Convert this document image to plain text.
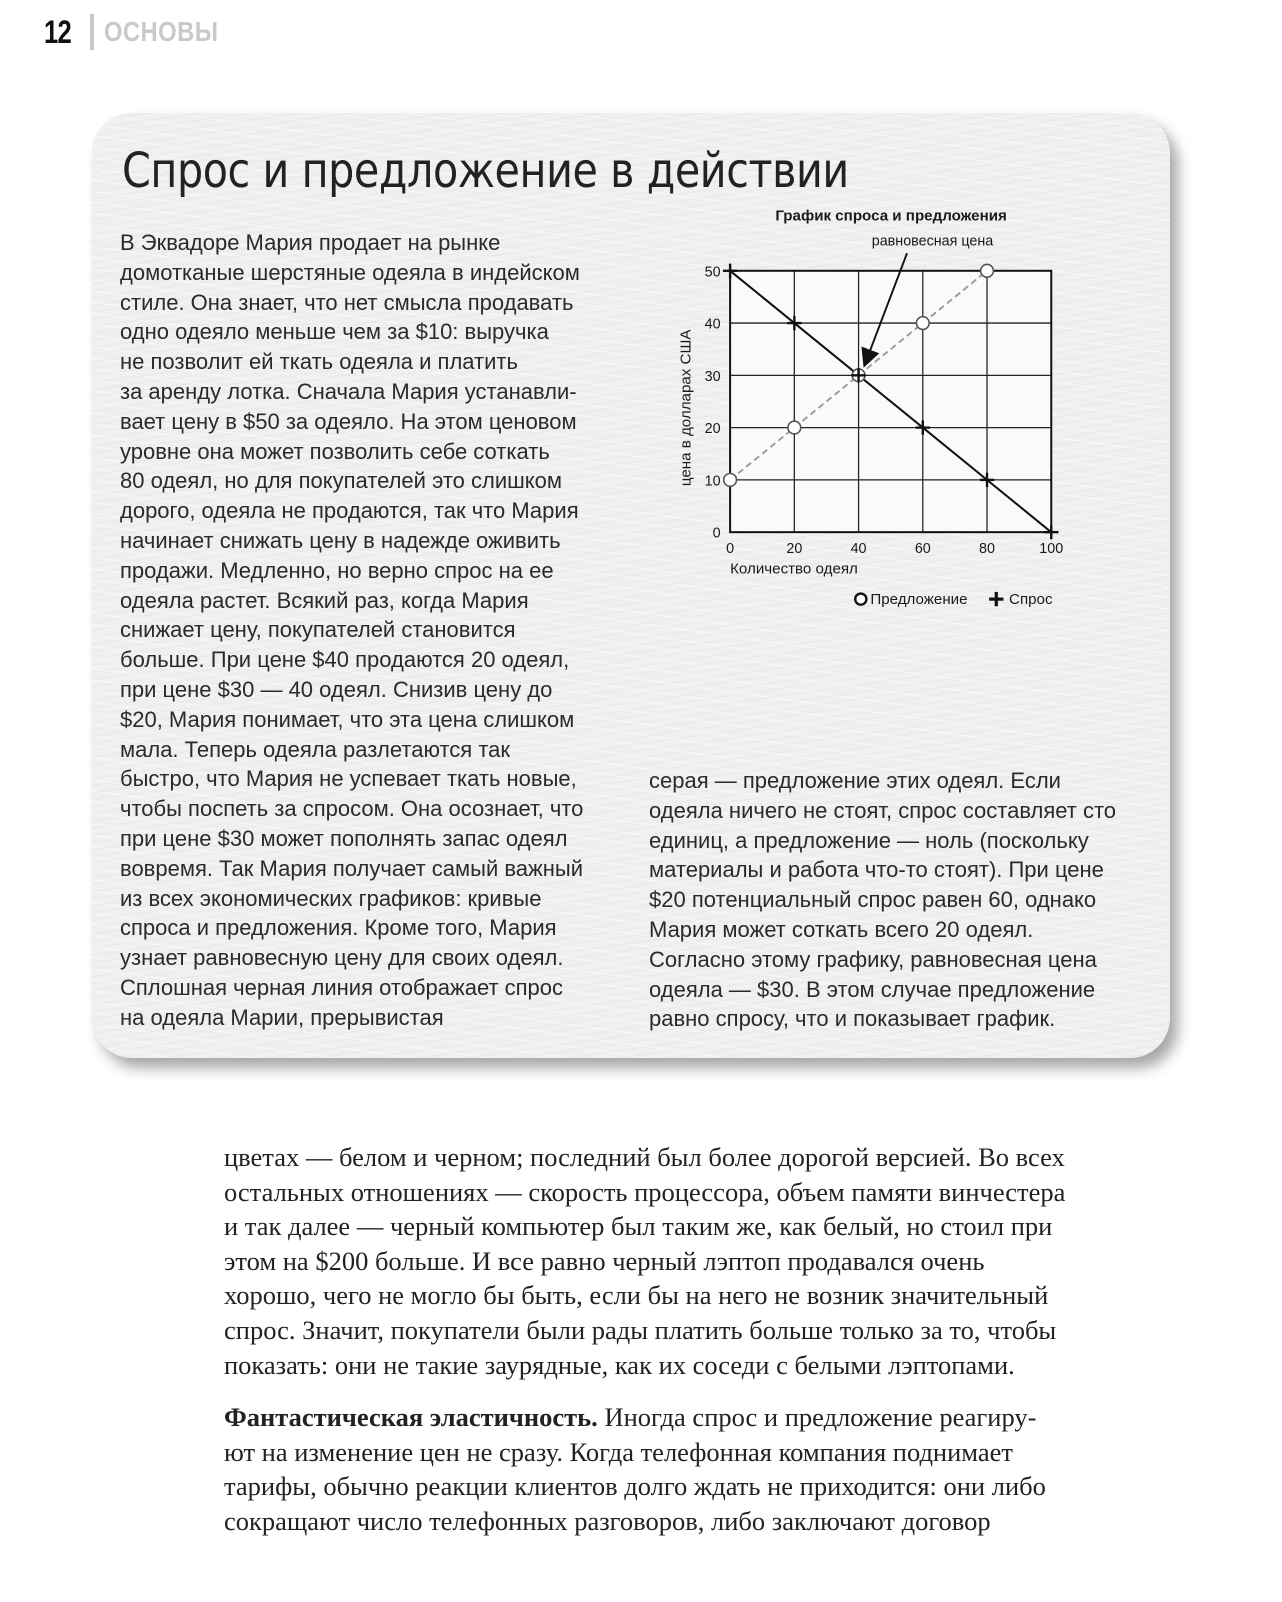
12 ОСНОВЫ
Спрос и предложение в действии
В Эквадоре Мария продает на рынке
домотканые шерстяные одеяла в индейском
стиле. Она знает, что нет смысла продавать
одно одеяло меньше чем за $10: выручка
не позволит ей ткать одеяла и платить
за аренду лотка. Сначала Мария устанавли-
вает цену в $50 за одеяло. На этом ценовом
уровне она может позволить себе соткать
80 одеял, но для покупателей это слишком
дорого, одеяла не продаются, так что Мария
начинает снижать цену в надежде оживить
продажи. Медленно, но верно спрос на ее
одеяла растет. Всякий раз, когда Мария
снижает цену, покупателей становится
больше. При цене $40 продаются 20 одеял,
при цене $30 — 40 одеял. Снизив цену до
$20, Мария понимает, что эта цена слишком
мала. Теперь одеяла разлетаются так
быстро, что Мария не успевает ткать новые,
чтобы поспеть за спросом. Она осознает, что
при цене $30 может пополнять запас одеял
вовремя. Так Мария получает самый важный
из всех экономических графиков: кривые
спроса и предложения. Кроме того, Мария
узнает равновесную цену для своих одеял.
Сплошная черная линия отображает спрос
на одеяла Марии, прерывистая
серая — предложение этих одеял. Если
одеяла ничего не стоят, спрос составляет сто
единиц, а предложение — ноль (поскольку
материалы и работа что-то стоят). При цене
$20 потенциальный спрос равен 60, однако
Мария может соткать всего 20 одеял.
Согласно этому графику, равновесная цена
одеяла — $30. В этом случае предложение
равно спросу, что и показывает график.
График спроса и предложения
0
10
20
30
40
50
0	20	40	60	80 100
Количество одеял
цена в долларах США
равновесная цена
Предложение Спрос
цветах — белом и черном; последний был более дорогой версией. Во всех
остальных отношениях — скорость процессора, объем памяти винчестера
и так далее — черный компьютер был таким же, как белый, но стоил при
этом на $200 больше. И все равно черный лэптоп продавался очень
хорошо, чего не могло бы быть, если бы на него не возник значительный
спрос. Значит, покупатели были рады платить больше только за то, чтобы
показать: они не такие заурядные, как их соседи с белыми лэптопами.
Фантастическая эластичность. Иногда спрос и предложение реагиру-
ют на изменение цен не сразу. Когда телефонная компания поднимает
тарифы, обычно реакции клиентов долго ждать не приходится: они либо
сокращают число телефонных разговоров, либо заключают договор
